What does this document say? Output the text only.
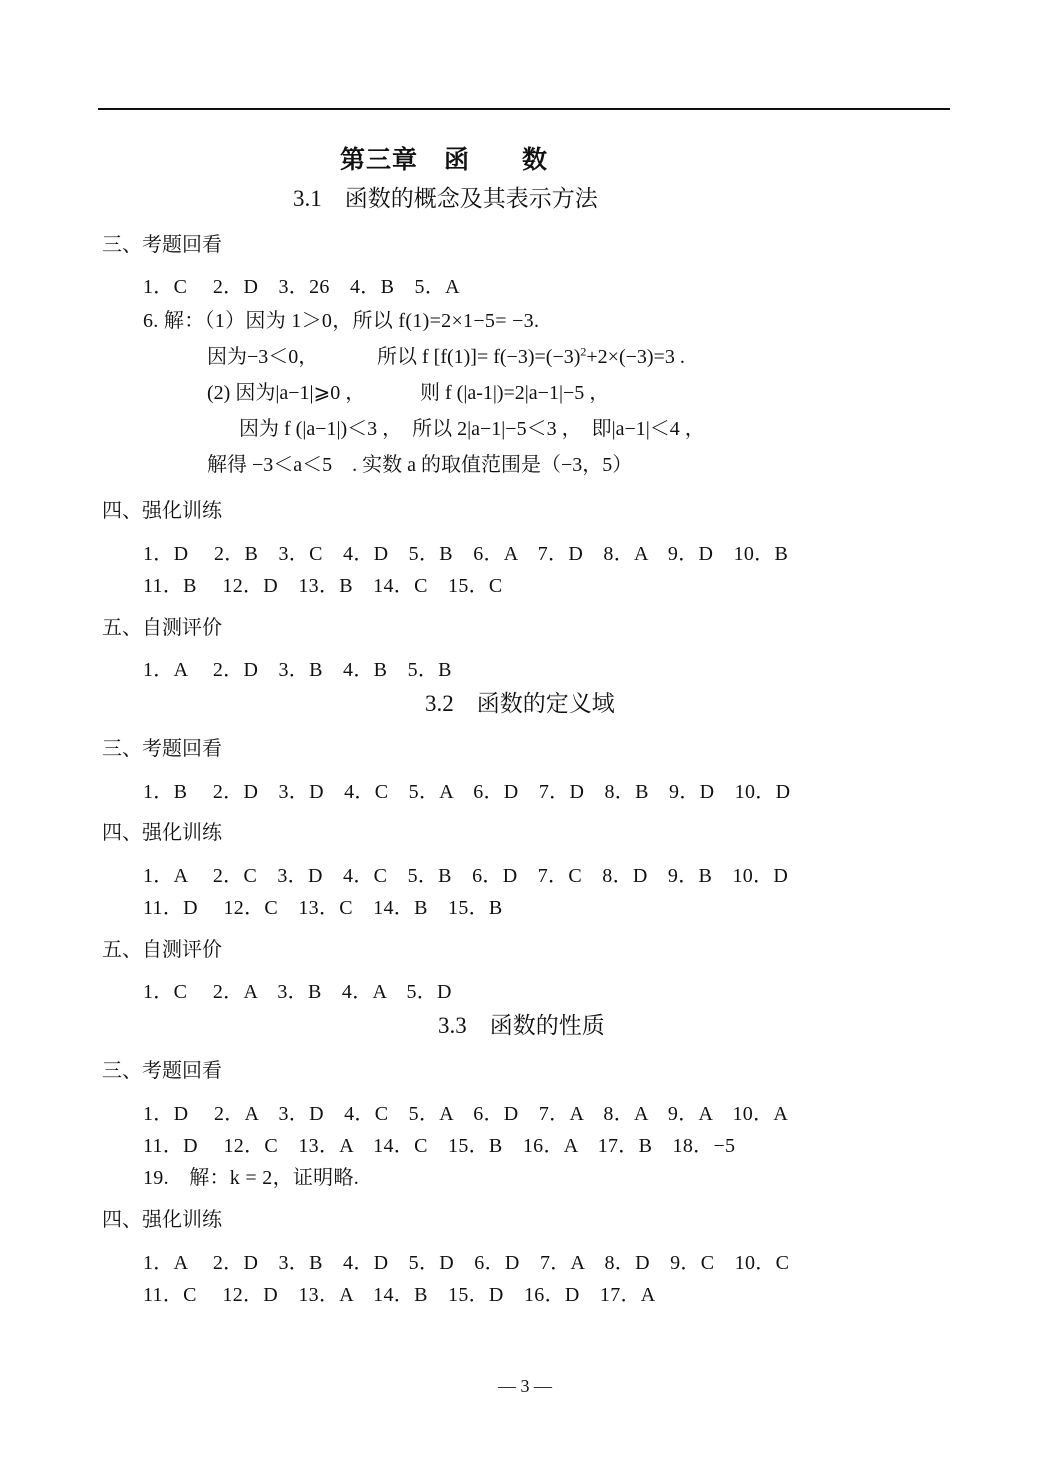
第三章　函　　数
3.1　函数的概念及其表示方法
三、考题回看
1．C　 2．D　3．26　4．B　5．A
6. 解：（1）因为 1＞0，所以 f(1)=2×1−5= −3.
因为−3＜0，	所以 f $[f(1)]= f(-3)=(-3)^2+2\times(-3)=3$ .
(2) 因为|a−1|⩾0 ，	则 f (|a-1|)=2|a−1|−5 ，
因为 f (|a−1|)＜3 ，　所以 2|a−1|−5＜3 ，　即|a−1|＜4 ，
解得 −3＜a＜5　. 实数 a 的取值范围是（−3，5）
四、强化训练
1．D　 2．B　3．C　4．D　5．B　6．A　7．D　8．A　9．D　10．B
11．B　 12．D　13．B　14．C　15．C
五、自测评价
1．A　 2．D　3．B　4．B　5．B
3.2　函数的定义域
三、考题回看
1．B　 2．D　3．D　4．C　5．A　6．D　7．D　8．B　9．D　10．D
四、强化训练
1．A　 2．C　3．D　4．C　5．B　6．D　7．C　8．D　9．B　10．D
11．D　 12．C　13．C　14．B　15．B
五、自测评价
1．C　 2．A　3．B　4．A　5．D
3.3　函数的性质
三、考题回看
1．D　 2．A　3．D　4．C　5．A　6．D　7．A　8．A　9．A　10．A
11．D　 12．C　13．A　14．C　15．B　16．A　17．B　18．−5
19.　解：k = 2，证明略.
四、强化训练
1．A　 2．D　3．B　4．D　5．D　6．D　7．A　8．D　9．C　10．C
11．C　 12．D　13．A　14．B　15．D　16．D　17．A
— 3 —
